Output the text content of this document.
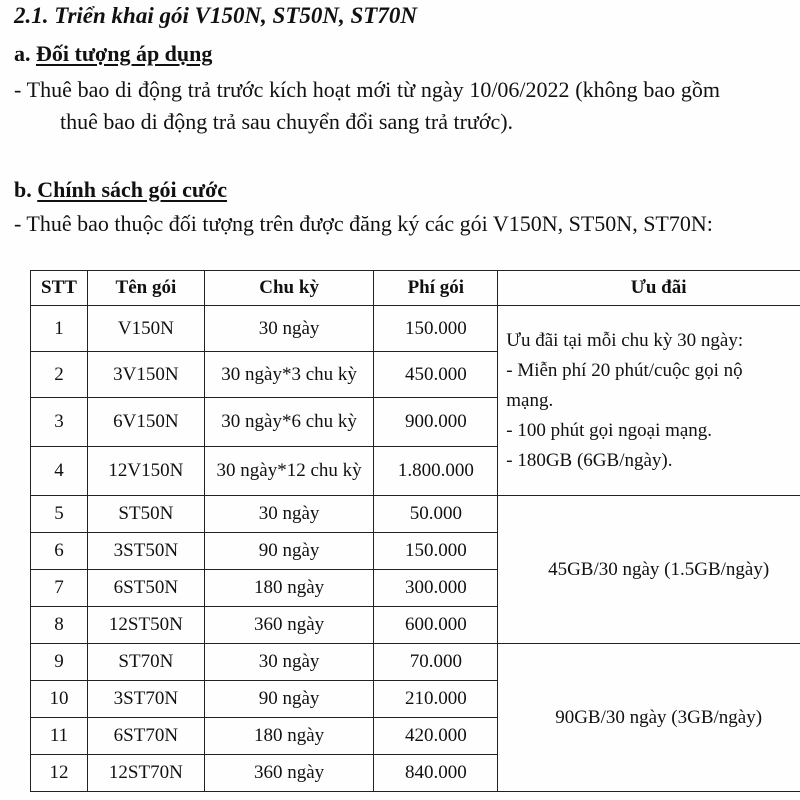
2.1. Triển khai gói V150N, ST50N, ST70N
a. Đối tượng áp dụng
- Thuê bao di động trả trước kích hoạt mới từ ngày 10/06/2022 (không bao gồm thuê bao di động trả sau chuyển đổi sang trả trước).
b. Chính sách gói cước
- Thuê bao thuộc đối tượng trên được đăng ký các gói V150N, ST50N, ST70N:
STT	Tên gói	Chu kỳ	Phí gói	Ưu đãi
1	V150N	30 ngày	150.000	Ưu đãi tại mỗi chu kỳ 30 ngày:
- Miễn phí 20 phút/cuộc gọi nộ
mạng.
- 100 phút gọi ngoại mạng.
- 180GB (6GB/ngày).

2	3V150N	30 ngày*3 chu kỳ	450.000	
3	6V150N	30 ngày*6 chu kỳ	900.000	
4	12V150N	30 ngày*12 chu kỳ	1.800.000	
5	ST50N	30 ngày	50.000	45GB/30 ngày (1.5GB/ngày)
6	3ST50N	90 ngày	150.000	
7	6ST50N	180 ngày	300.000	
8	12ST50N	360 ngày	600.000	
9	ST70N	30 ngày	70.000	90GB/30 ngày (3GB/ngày)
10	3ST70N	90 ngày	210.000	
11	6ST70N	180 ngày	420.000	
12	12ST70N	360 ngày	840.000	
